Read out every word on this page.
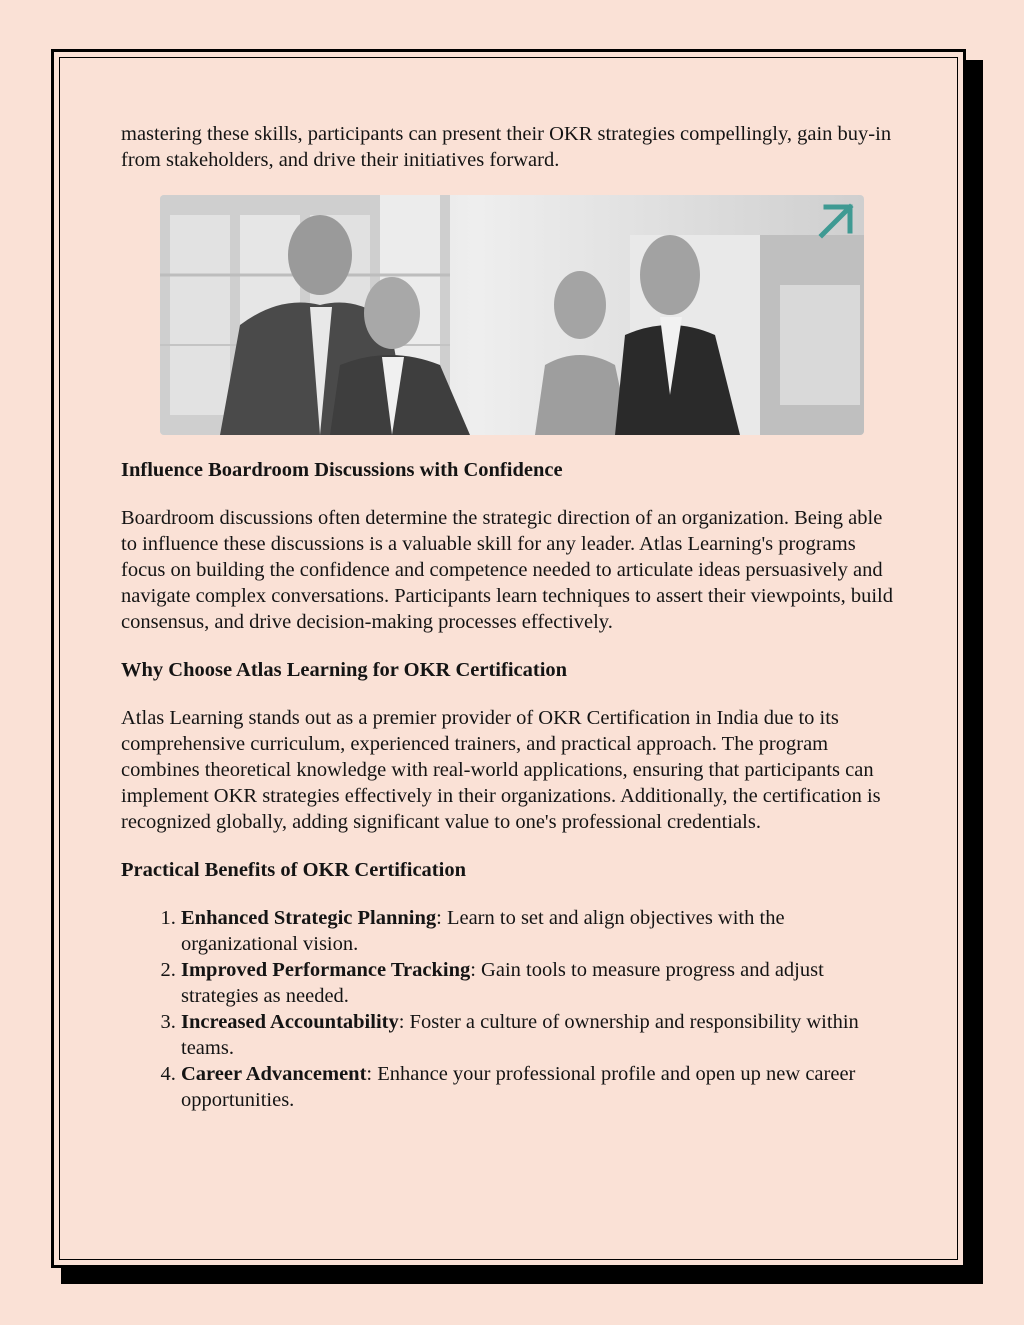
mastering these skills, participants can present their OKR strategies compellingly, gain buy-in from stakeholders, and drive their initiatives forward.

Influence Boardroom Discussions with Confidence

Boardroom discussions often determine the strategic direction of an organization. Being able to influence these discussions is a valuable skill for any leader. Atlas Learning's programs focus on building the confidence and competence needed to articulate ideas persuasively and navigate complex conversations. Participants learn techniques to assert their viewpoints, build consensus, and drive decision-making processes effectively.

Why Choose Atlas Learning for OKR Certification

Atlas Learning stands out as a premier provider of OKR Certification in India due to its comprehensive curriculum, experienced trainers, and practical approach. The program combines theoretical knowledge with real-world applications, ensuring that participants can implement OKR strategies effectively in their organizations. Additionally, the certification is recognized globally, adding significant value to one's professional credentials.

Practical Benefits of OKR Certification
1. Enhanced Strategic Planning: Learn to set and align objectives with the organizational vision.
2. Improved Performance Tracking: Gain tools to measure progress and adjust strategies as needed.
3. Increased Accountability: Foster a culture of ownership and responsibility within teams.
4. Career Advancement: Enhance your professional profile and open up new career opportunities.
